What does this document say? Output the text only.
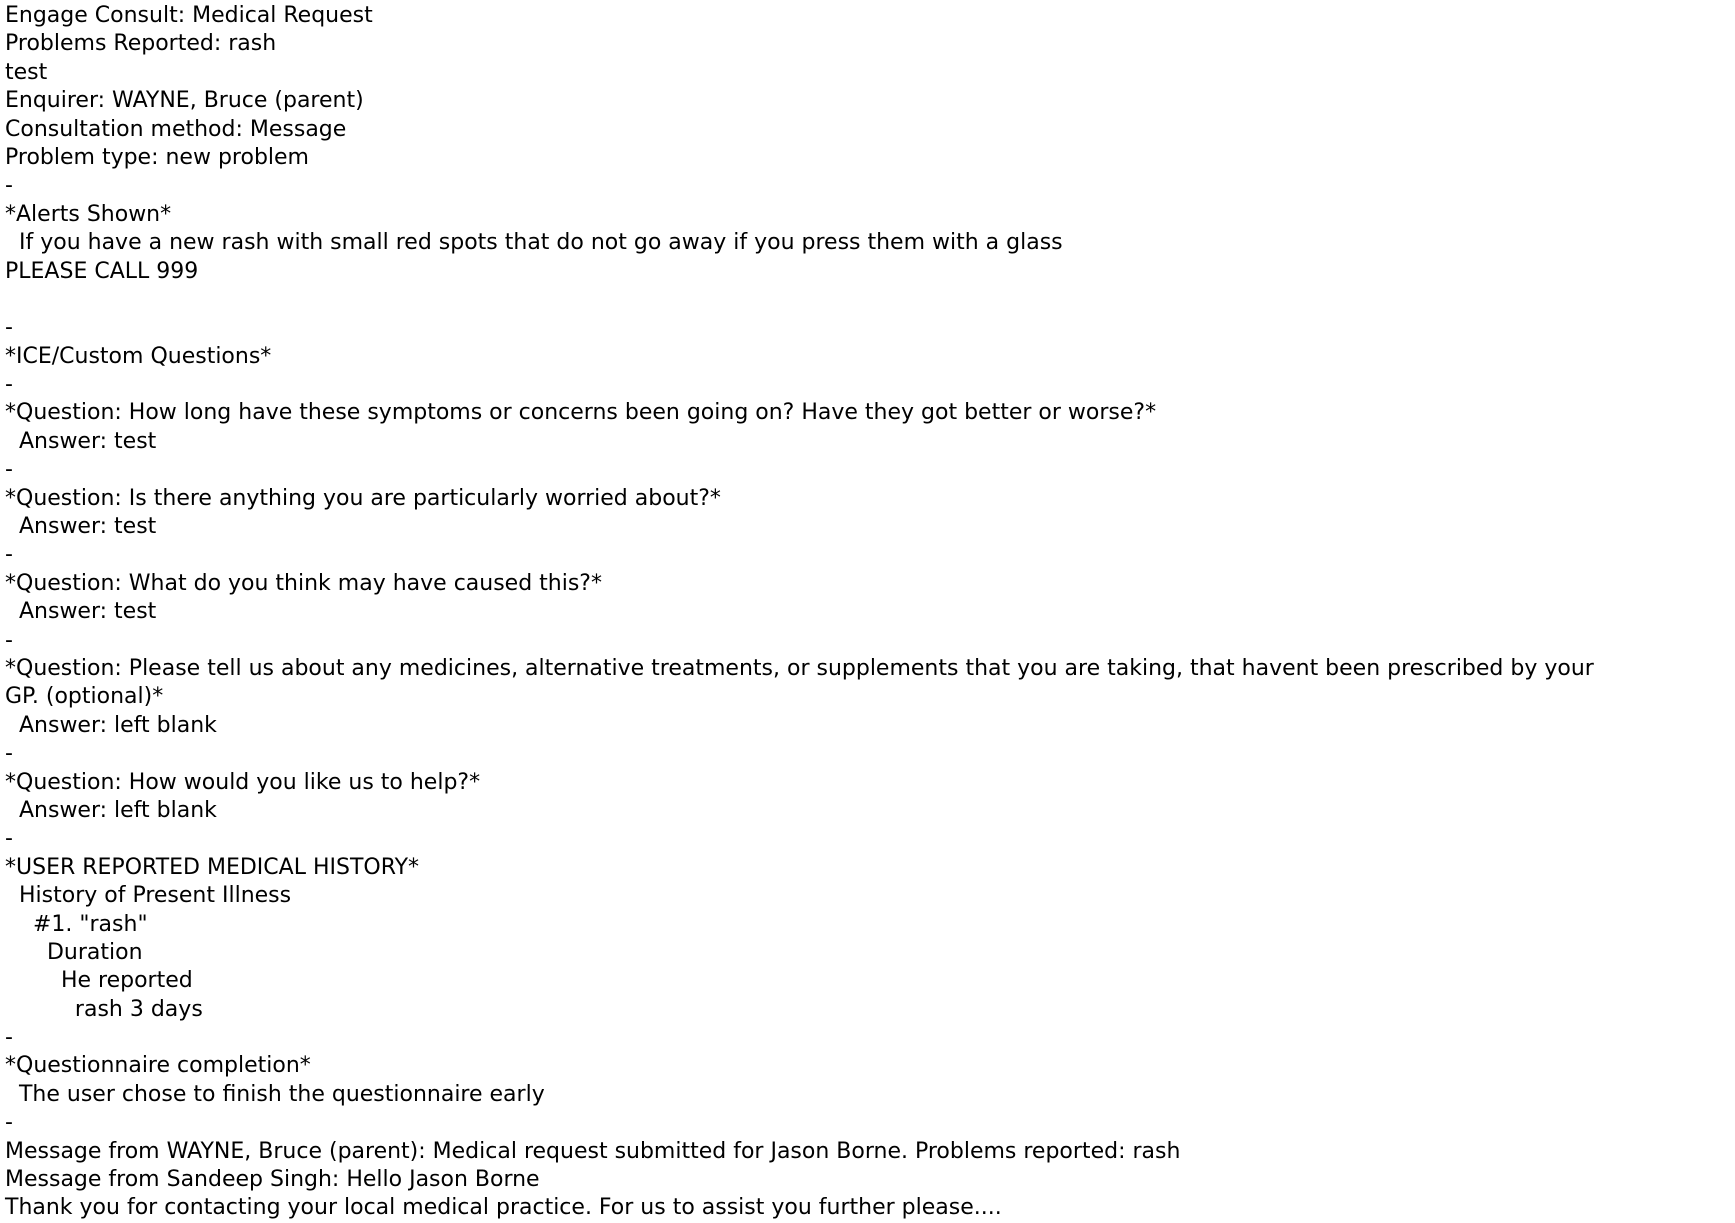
Engage Consult: Medical Request
Problems Reported: rash
test
Enquirer: WAYNE, Bruce (parent)
Consultation method: Message
Problem type: new problem
-
*Alerts Shown*
If you have a new rash with small red spots that do not go away if you press them with a glass
PLEASE CALL 999
-
*ICE/Custom Questions*
-
*Question: How long have these symptoms or concerns been going on? Have they got better or worse?*
Answer: test
-
*Question: Is there anything you are particularly worried about?*
Answer: test
-
*Question: What do you think may have caused this?*
Answer: test
-
*Question: Please tell us about any medicines, alternative treatments, or supplements that you are taking, that havent been prescribed by your
GP. (optional)*
Answer: left blank
-
*Question: How would you like us to help?*
Answer: left blank
-
*USER REPORTED MEDICAL HISTORY*
History of Present Illness
#1. "rash"
Duration
He reported
rash 3 days
-
*Questionnaire completion*
The user chose to finish the questionnaire early
-
Message from WAYNE, Bruce (parent): Medical request submitted for Jason Borne. Problems reported: rash
Message from Sandeep Singh: Hello Jason Borne
Thank you for contacting your local medical practice. For us to assist you further please....
